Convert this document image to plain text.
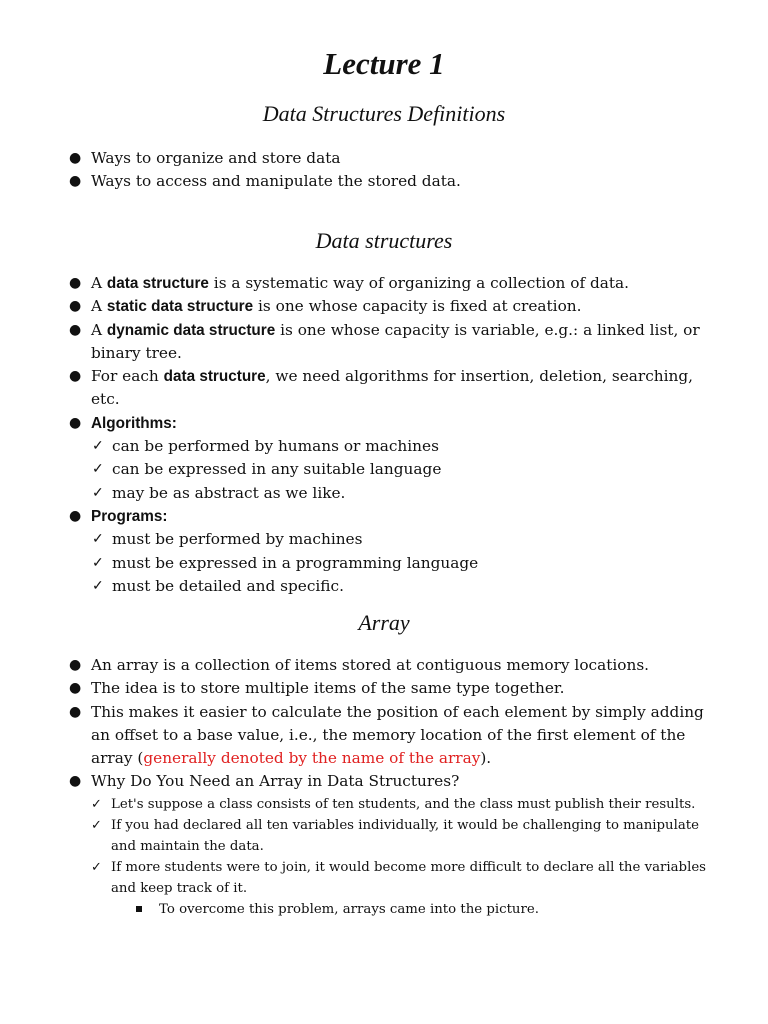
Lecture 1
Data Structures Definitions
● Ways to organize and store data
● Ways to access and manipulate the stored data.
Data structures
● A data structure is a systematic way of organizing a collection of data.
● A static data structure is one whose capacity is fixed at creation.
● A dynamic data structure is one whose capacity is variable, e.g.: a linked list, or binary tree.
● For each data structure, we need algorithms for insertion, deletion, searching, etc.
● Algorithms:
✓ can be performed by humans or machines
✓ can be expressed in any suitable language
✓ may be as abstract as we like.
● Programs:
✓ must be performed by machines
✓ must be expressed in a programming language
✓ must be detailed and specific.
Array
● An array is a collection of items stored at contiguous memory locations.
● The idea is to store multiple items of the same type together.
● This makes it easier to calculate the position of each element by simply adding an offset to a base value, i.e., the memory location of the first element of the array (generally denoted by the name of the array).
● Why Do You Need an Array in Data Structures?
✓ Let's suppose a class consists of ten students, and the class must publish their results.
✓ If you had declared all ten variables individually, it would be challenging to manipulate and maintain the data.
✓ If more students were to join, it would become more difficult to declare all the variables and keep track of it.
To overcome this problem, arrays came into the picture.
